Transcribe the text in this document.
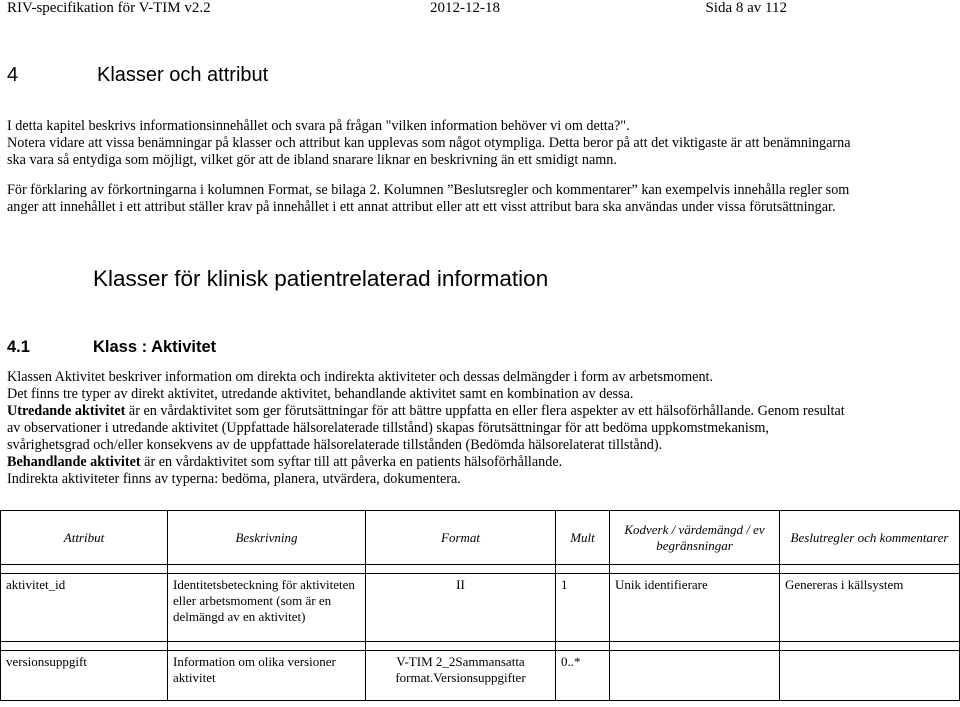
RIV-specifikation för V-TIM v2.2	2012-12-18	Sida 8 av 112
4	Klasser och attribut
I detta kapitel beskrivs informationsinnehållet och svara på frågan "vilken information behöver vi om detta?".
Notera vidare att vissa benämningar på klasser och attribut kan upplevas som något otympliga. Detta beror på att det viktigaste är att benämningarna
ska vara så entydiga som möjligt, vilket gör att de ibland snarare liknar en beskrivning än ett smidigt namn.
För förklaring av förkortningarna i kolumnen Format, se bilaga 2. Kolumnen ”Beslutsregler och kommentarer” kan exempelvis innehålla regler som
anger att innehållet i ett attribut ställer krav på innehållet i ett annat attribut eller att ett visst attribut bara ska användas under vissa förutsättningar.
Klasser för klinisk patientrelaterad information
4.1	Klass : Aktivitet
Klassen Aktivitet beskriver information om direkta och indirekta aktiviteter och dessas delmängder i form av arbetsmoment.
Det finns tre typer av direkt aktivitet, utredande aktivitet, behandlande aktivitet samt en kombination av dessa.
Utredande aktivitet är en vårdaktivitet som ger förutsättningar för att bättre uppfatta en eller flera aspekter av ett hälsoförhållande. Genom resultat
av observationer i utredande aktivitet (Uppfattade hälsorelaterade tillstånd) skapas förutsättningar för att bedöma uppkomstmekanism,
svårighetsgrad och/eller konsekvens av de uppfattade hälsorelaterade tillstånden (Bedömda hälsorelaterat tillstånd).
Behandlande aktivitet är en vårdaktivitet som syftar till att påverka en patients hälsoförhållande.
Indirekta aktiviteter finns av typerna: bedöma, planera, utvärdera, dokumentera.
Attribut	Beskrivning	Format	Mult	Kodverk / värdemängd / ev begränsningar	Beslutregler och kommentarer

aktivitet_id	Identitetsbeteckning för aktiviteten eller arbetsmoment (som är en delmängd av en aktivitet)	II	1	Unik identifierare	Genereras i källsystem

versionsuppgift	Information om olika versioner aktivitet	V-TIM 2_2Sammansatta format.Versionsuppgifter	0..*		
